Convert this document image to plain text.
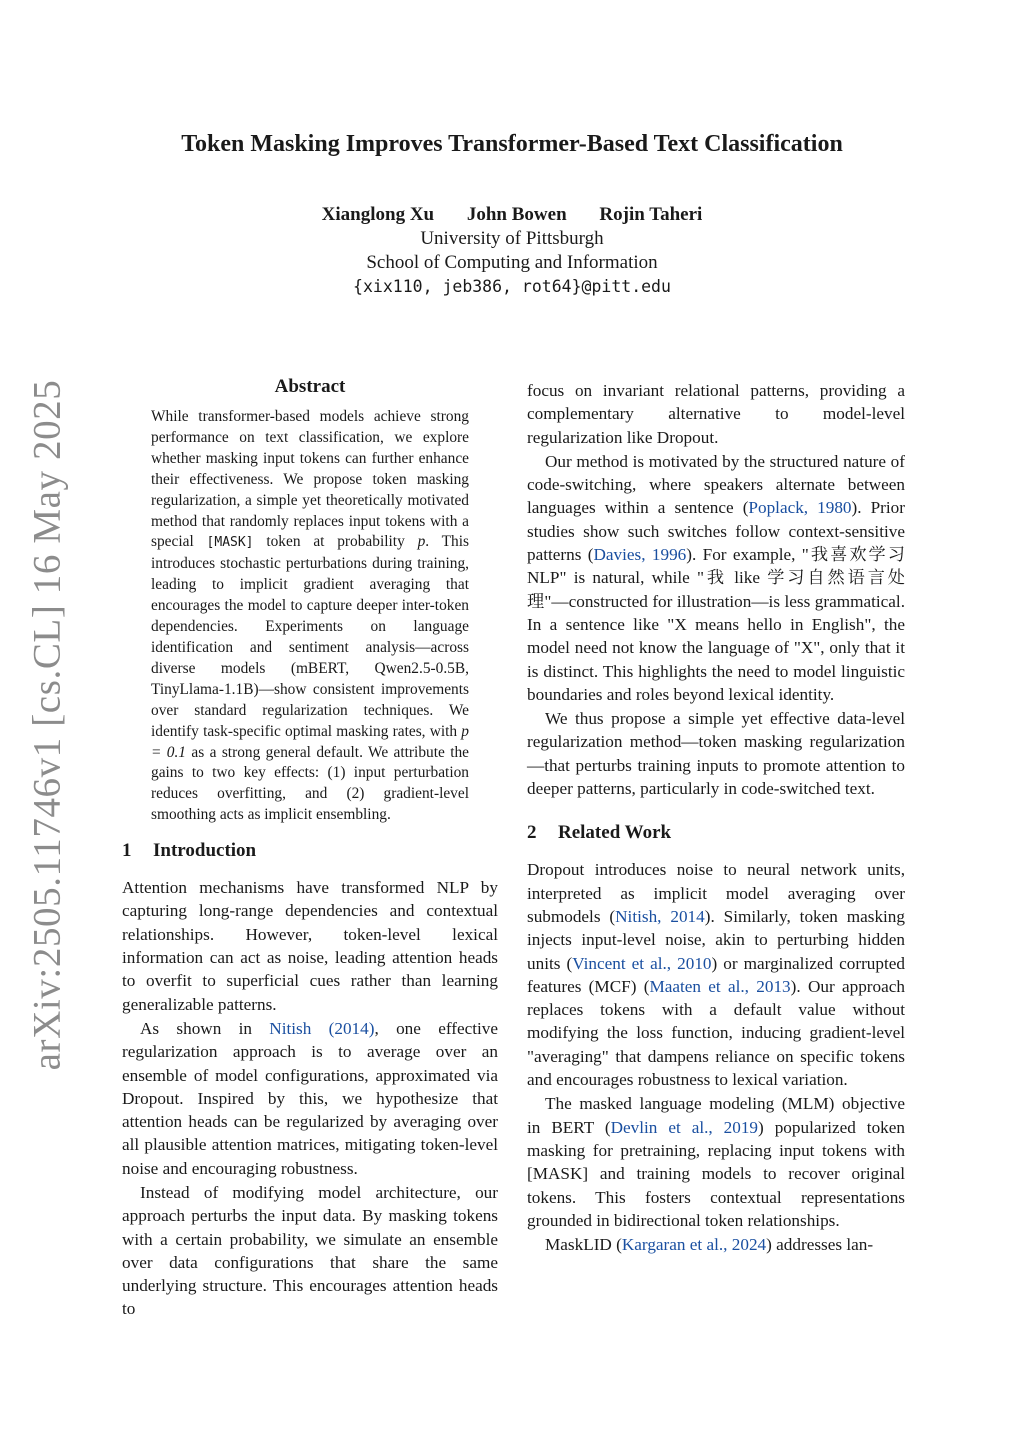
arXiv:2505.11746v1 [cs.CL] 16 May 2025
Token Masking Improves Transformer-Based Text Classification
Xianglong Xu John Bowen Rojin Taheri
University of Pittsburgh
School of Computing and Information
{xix110, jeb386, rot64}@pitt.edu
Abstract

While transformer-based models achieve strong performance on text classification, we explore whether masking input tokens can further enhance their effectiveness. We propose token masking regularization, a simple yet theoretically motivated method that randomly replaces input tokens with a special [MASK] token at probability p. This introduces stochastic perturbations during training, leading to implicit gradient averaging that encourages the model to capture deeper inter-token dependencies. Experiments on language identification and sentiment analysis—across diverse models (mBERT, Qwen2.5-0.5B, TinyLlama-1.1B)—show consistent improvements over standard regularization techniques. We identify task-specific optimal masking rates, with p = 0.1 as a strong general default. We attribute the gains to two key effects: (1) input perturbation reduces overfitting, and (2) gradient-level smoothing acts as implicit ensembling.

1 Introduction

Attention mechanisms have transformed NLP by capturing long-range dependencies and contextual relationships. However, token-level lexical information can act as noise, leading attention heads to overfit to superficial cues rather than learning generalizable patterns.

As shown in Nitish (2014), one effective regularization approach is to average over an ensemble of model configurations, approximated via Dropout. Inspired by this, we hypothesize that attention heads can be regularized by averaging over all plausible attention matrices, mitigating token-level noise and encouraging robustness.

Instead of modifying model architecture, our approach perturbs the input data. By masking tokens with a certain probability, we simulate an ensemble over data configurations that share the same underlying structure. This encourages attention heads to

focus on invariant relational patterns, providing a complementary alternative to model-level regularization like Dropout.

Our method is motivated by the structured nature of code-switching, where speakers alternate between languages within a sentence (Poplack, 1980). Prior studies show such switches follow context-sensitive patterns (Davies, 1996). For example, "我喜欢学习 NLP" is natural, while "我 like 学习自然语言处理"—constructed for illustration—is less grammatical. In a sentence like "X means hello in English", the model need not know the language of "X", only that it is distinct. This highlights the need to model linguistic boundaries and roles beyond lexical identity.

We thus propose a simple yet effective data-level regularization method—token masking regularization—that perturbs training inputs to promote attention to deeper patterns, particularly in code-switched text.

2 Related Work

Dropout introduces noise to neural network units, interpreted as implicit model averaging over submodels (Nitish, 2014). Similarly, token masking injects input-level noise, akin to perturbing hidden units (Vincent et al., 2010) or marginalized corrupted features (MCF) (Maaten et al., 2013). Our approach replaces tokens with a default value without modifying the loss function, inducing gradient-level "averaging" that dampens reliance on specific tokens and encourages robustness to lexical variation.

The masked language modeling (MLM) objective in BERT (Devlin et al., 2019) popularized token masking for pretraining, replacing input tokens with [MASK] and training models to recover original tokens. This fosters contextual representations grounded in bidirectional token relationships.

MaskLID (Kargaran et al., 2024) addresses lan-
